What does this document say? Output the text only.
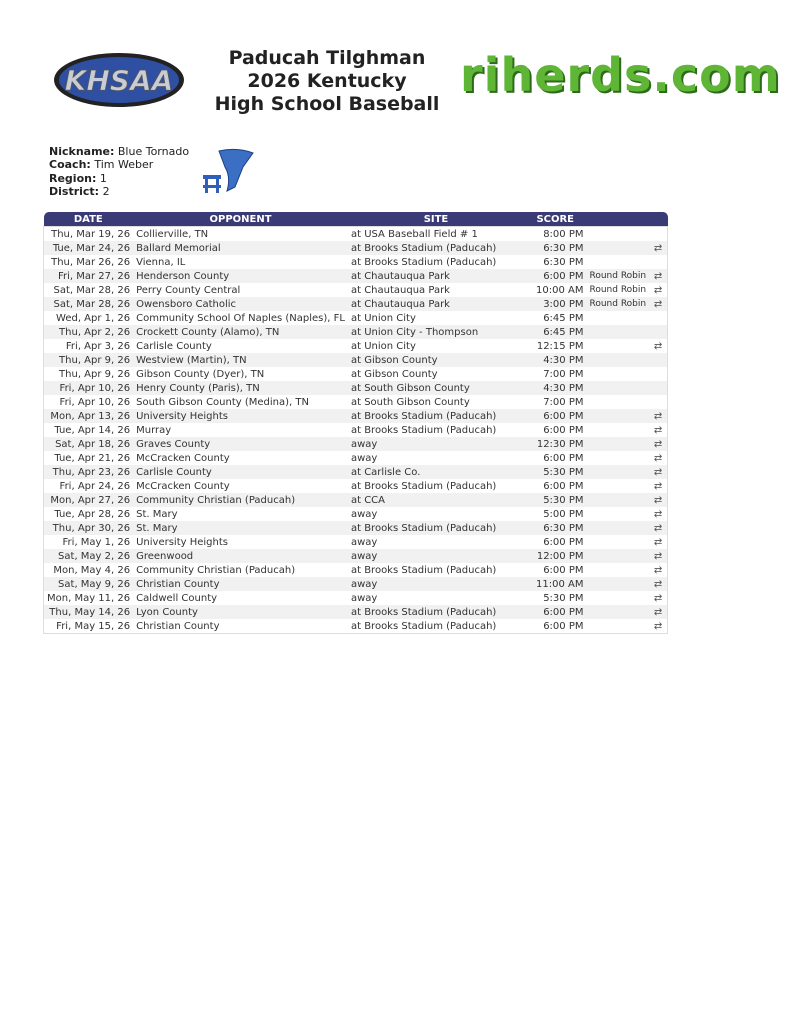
KHSAA
Paducah Tilghman
2026 Kentucky
High School Baseball
riherds.com
Nickname: Blue Tornado
Coach: Tim Weber
Region: 1
District: 2
DATE	OPPONENT	SITE	SCORE		
Thu, Mar 19, 26	Collierville, TN	at USA Baseball Field # 1	8:00 PM		
Tue, Mar 24, 26	Ballard Memorial	at Brooks Stadium (Paducah)	6:30 PM		⇄
Thu, Mar 26, 26	Vienna, IL	at Brooks Stadium (Paducah)	6:30 PM		
Fri, Mar 27, 26	Henderson County	at Chautauqua Park	6:00 PM	Round Robin	⇄
Sat, Mar 28, 26	Perry County Central	at Chautauqua Park	10:00 AM	Round Robin	⇄
Sat, Mar 28, 26	Owensboro Catholic	at Chautauqua Park	3:00 PM	Round Robin	⇄
Wed, Apr 1, 26	Community School Of Naples (Naples), FL	at Union City	6:45 PM		
Thu, Apr 2, 26	Crockett County (Alamo), TN	at Union City - Thompson	6:45 PM		
Fri, Apr 3, 26	Carlisle County	at Union City	12:15 PM		⇄
Thu, Apr 9, 26	Westview (Martin), TN	at Gibson County	4:30 PM		
Thu, Apr 9, 26	Gibson County (Dyer), TN	at Gibson County	7:00 PM		
Fri, Apr 10, 26	Henry County (Paris), TN	at South Gibson County	4:30 PM		
Fri, Apr 10, 26	South Gibson County (Medina), TN	at South Gibson County	7:00 PM		
Mon, Apr 13, 26	University Heights	at Brooks Stadium (Paducah)	6:00 PM		⇄
Tue, Apr 14, 26	Murray	at Brooks Stadium (Paducah)	6:00 PM		⇄
Sat, Apr 18, 26	Graves County	away	12:30 PM		⇄
Tue, Apr 21, 26	McCracken County	away	6:00 PM		⇄
Thu, Apr 23, 26	Carlisle County	at Carlisle Co.	5:30 PM		⇄
Fri, Apr 24, 26	McCracken County	at Brooks Stadium (Paducah)	6:00 PM		⇄
Mon, Apr 27, 26	Community Christian (Paducah)	at CCA	5:30 PM		⇄
Tue, Apr 28, 26	St. Mary	away	5:00 PM		⇄
Thu, Apr 30, 26	St. Mary	at Brooks Stadium (Paducah)	6:30 PM		⇄
Fri, May 1, 26	University Heights	away	6:00 PM		⇄
Sat, May 2, 26	Greenwood	away	12:00 PM		⇄
Mon, May 4, 26	Community Christian (Paducah)	at Brooks Stadium (Paducah)	6:00 PM		⇄
Sat, May 9, 26	Christian County	away	11:00 AM		⇄
Mon, May 11, 26	Caldwell County	away	5:30 PM		⇄
Thu, May 14, 26	Lyon County	at Brooks Stadium (Paducah)	6:00 PM		⇄
Fri, May 15, 26	Christian County	at Brooks Stadium (Paducah)	6:00 PM		⇄
